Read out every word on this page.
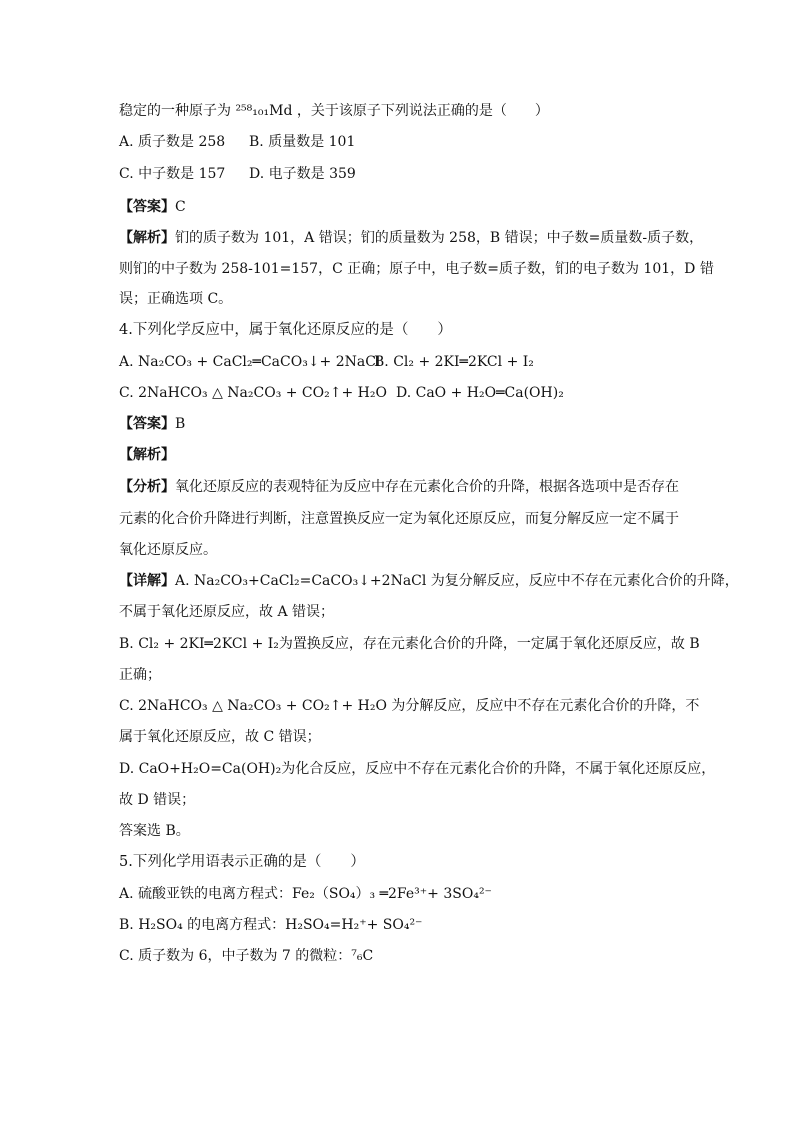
稳定的一种原子为 ²⁵⁸₁₀₁Md ，关于该原子下列说法正确的是（　　）
A. 质子数是 258 B. 质量数是 101
C. 中子数是 157 D. 电子数是 359
【答案】C
【解析】钔的质子数为 101，A 错误；钔的质量数为 258，B 错误；中子数=质量数-质子数，
则钔的中子数为 258-101=157，C 正确；原子中，电子数=质子数，钔的电子数为 101，D 错
误；正确选项 C。
4.下列化学反应中，属于氧化还原反应的是（　　）
A. Na₂CO₃ + CaCl₂═CaCO₃↓+ 2NaCl
B. Cl₂ + 2KI═2KCl + I₂
C. 2NaHCO₃ △ Na₂CO₃ + CO₂↑+ H₂O D. CaO + H₂O═Ca(OH)₂
【答案】B
【解析】
【分析】氧化还原反应的表观特征为反应中存在元素化合价的升降，根据各选项中是否存在
元素的化合价升降进行判断，注意置换反应一定为氧化还原反应，而复分解反应一定不属于
氧化还原反应。
【详解】A. Na₂CO₃+CaCl₂=CaCO₃↓+2NaCl 为复分解反应，反应中不存在元素化合价的升降，
不属于氧化还原反应，故 A 错误；
B. Cl₂ + 2KI═2KCl + I₂为置换反应，存在元素化合价的升降，一定属于氧化还原反应，故 B
正确；
C. 2NaHCO₃ △ Na₂CO₃ + CO₂↑+ H₂O 为分解反应，反应中不存在元素化合价的升降，不
属于氧化还原反应，故 C 错误；
D. CaO+H₂O=Ca(OH)₂为化合反应，反应中不存在元素化合价的升降，不属于氧化还原反应，
故 D 错误；
答案选 B。
5.下列化学用语表示正确的是（　　）
A. 硫酸亚铁的电离方程式：Fe₂（SO₄）₃ ═2Fe³⁺+ 3SO₄²⁻
B. H₂SO₄ 的电离方程式：H₂SO₄=H₂⁺+ SO₄²⁻
C. 质子数为 6，中子数为 7 的微粒：⁷₆C
